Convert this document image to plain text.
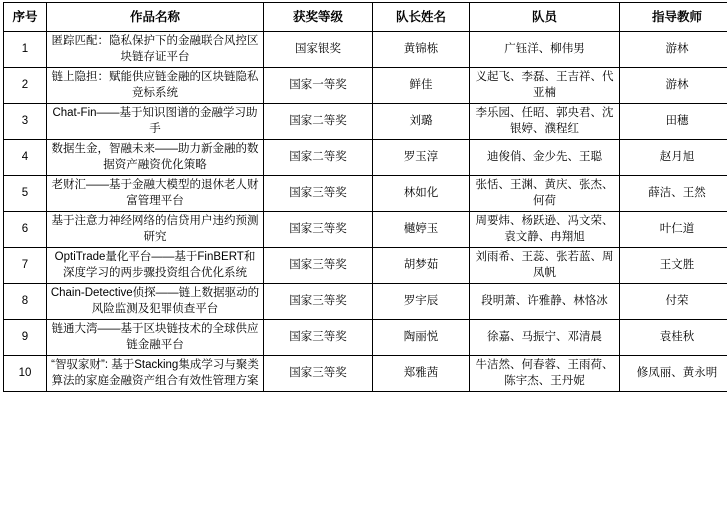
序号	作品名称	获奖等级	队长姓名	队员	指导教师
1	匿踪匹配：隐私保护下的金融联合风控区块链存证平台	国家银奖	黄锦栋	广钰洋、柳伟男	游林
2	链上隐担：赋能供应链金融的区块链隐私竞标系统	国家一等奖	鲜佳	义起飞、李磊、王吉祥、代亚楠	游林
3	Chat-Fin——基于知识图谱的金融学习助手	国家二等奖	刘璐	李乐园、任昭、郭央君、沈银婷、濮程红	田穗
4	数据生金，智融未来——助力新金融的数据资产融资优化策略	国家二等奖	罗玉淳	迪俊俏、金少先、王聪	赵月旭
5	老财汇——基于金融大模型的退休老人财富管理平台	国家三等奖	林如化	张恬、王渊、黄庆、张杰、何荷	薛洁、王然
6	基于注意力神经网络的信贷用户违约预测研究	国家三等奖	樾婷玉	周要炜、杨跃逊、冯文荣、袁文静、冉翔旭	叶仁道
7	OptiTrade量化平台——基于FinBERT和深度学习的两步骤投资组合优化系统	国家三等奖	胡梦茹	刘雨希、王蕊、张若蓝、周凤帆	王文胜
8	Chain-Detective侦探——链上数据驱动的风险监测及犯罪侦查平台	国家三等奖	罗宇辰	段明萧、许雅静、林恪冰	付荣
9	链通大湾——基于区块链技术的全球供应链金融平台	国家三等奖	陶丽悦	徐嘉、马振宁、邓清晨	袁桂秋
10	“智驭家财”: 基于Stacking集成学习与聚类算法的家庭金融资产组合有效性管理方案	国家三等奖	郑雅茜	牛洁然、何春蓉、王雨荷、陈宇杰、王丹妮	修凤丽、黄永明
